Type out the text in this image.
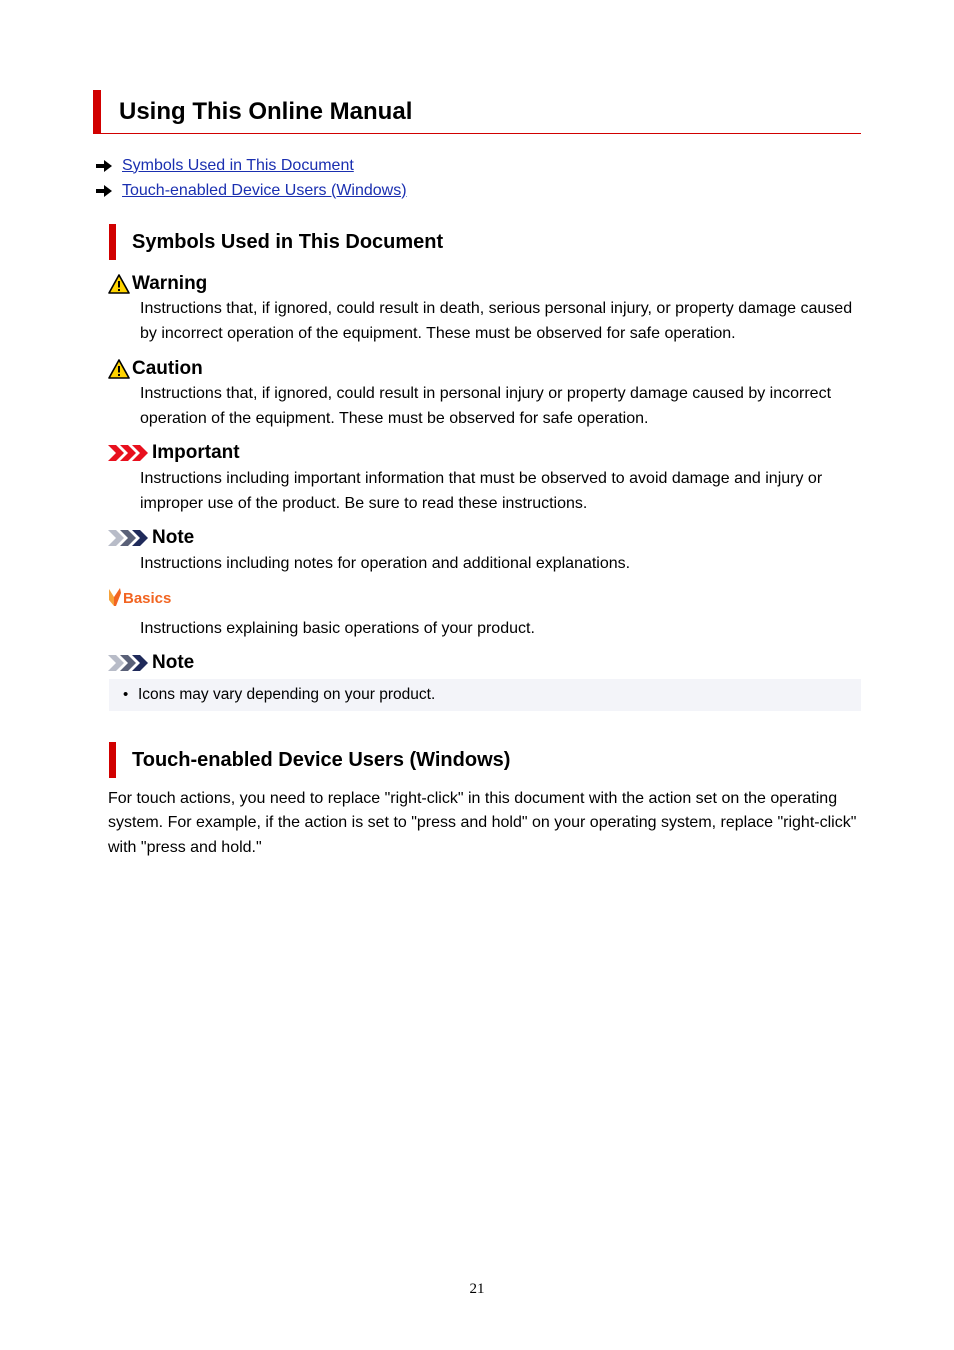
Using This Online Manual
Symbols Used in This Document
Touch-enabled Device Users (Windows)
Symbols Used in This Document
Warning

Instructions that, if ignored, could result in death, serious personal injury, or property damage caused by incorrect operation of the equipment. These must be observed for safe operation.

Caution

Instructions that, if ignored, could result in personal injury or property damage caused by incorrect operation of the equipment. These must be observed for safe operation.

Important

Instructions including important information that must be observed to avoid damage and injury or improper use of the product. Be sure to read these instructions.

Note

Instructions including notes for operation and additional explanations.

Basics

Instructions explaining basic operations of your product.

Note
• Icons may vary depending on your product.
Touch-enabled Device Users (Windows)

For touch actions, you need to replace "right-click" in this document with the action set on the operating system. For example, if the action is set to "press and hold" on your operating system, replace "right-click" with "press and hold."

21
